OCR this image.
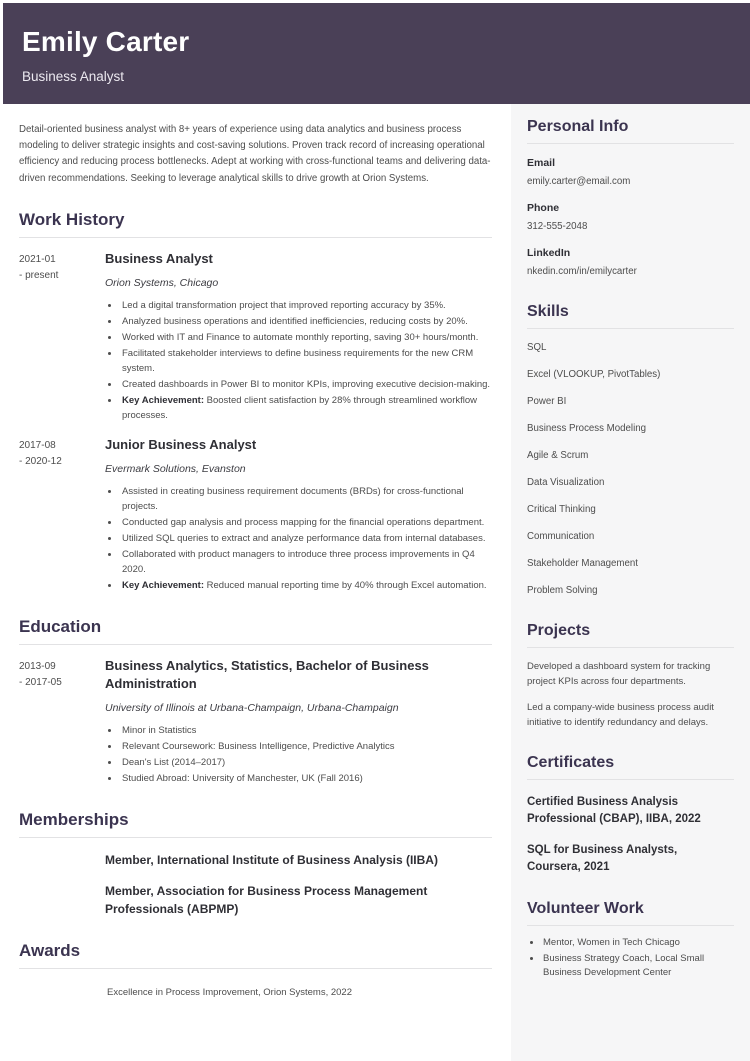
Emily Carter
Business Analyst
Detail-oriented business analyst with 8+ years of experience using data analytics and business process modeling to deliver strategic insights and cost-saving solutions. Proven track record of increasing operational efficiency and reducing process bottlenecks. Adept at working with cross-functional teams and delivering data-driven recommendations. Seeking to leverage analytical skills to drive growth at Orion Systems.
Work History
2021-01
- present
Business Analyst
Orion Systems, Chicago
• Led a digital transformation project that improved reporting accuracy by 35%.
• Analyzed business operations and identified inefficiencies, reducing costs by 20%.
• Worked with IT and Finance to automate monthly reporting, saving 30+ hours/month.
• Facilitated stakeholder interviews to define business requirements for the new CRM system.
• Created dashboards in Power BI to monitor KPIs, improving executive decision-making.
• Key Achievement: Boosted client satisfaction by 28% through streamlined workflow processes.
2017-08
- 2020-12
Junior Business Analyst
Evermark Solutions, Evanston
• Assisted in creating business requirement documents (BRDs) for cross-functional projects.
• Conducted gap analysis and process mapping for the financial operations department.
• Utilized SQL queries to extract and analyze performance data from internal databases.
• Collaborated with product managers to introduce three process improvements in Q4 2020.
• Key Achievement: Reduced manual reporting time by 40% through Excel automation.
Education
2013-09
- 2017-05
Business Analytics, Statistics, Bachelor of Business Administration
University of Illinois at Urbana-Champaign, Urbana-Champaign
• Minor in Statistics
• Relevant Coursework: Business Intelligence, Predictive Analytics
• Dean's List (2014–2017)
• Studied Abroad: University of Manchester, UK (Fall 2016)
Memberships
Member, International Institute of Business Analysis (IIBA)
Member, Association for Business Process Management Professionals (ABPMP)
Awards
Excellence in Process Improvement, Orion Systems, 2022
Personal Info
Email
emily.carter@email.com
Phone
312-555-2048
LinkedIn
nkedin.com/in/emilycarter
Skills
SQL
Excel (VLOOKUP, PivotTables)
Power BI
Business Process Modeling
Agile & Scrum
Data Visualization
Critical Thinking
Communication
Stakeholder Management
Problem Solving
Projects
Developed a dashboard system for tracking project KPIs across four departments.
Led a company-wide business process audit initiative to identify redundancy and delays.
Certificates
Certified Business Analysis Professional (CBAP), IIBA, 2022
SQL for Business Analysts, Coursera, 2021
Volunteer Work
• Mentor, Women in Tech Chicago
• Business Strategy Coach, Local Small Business Development Center
